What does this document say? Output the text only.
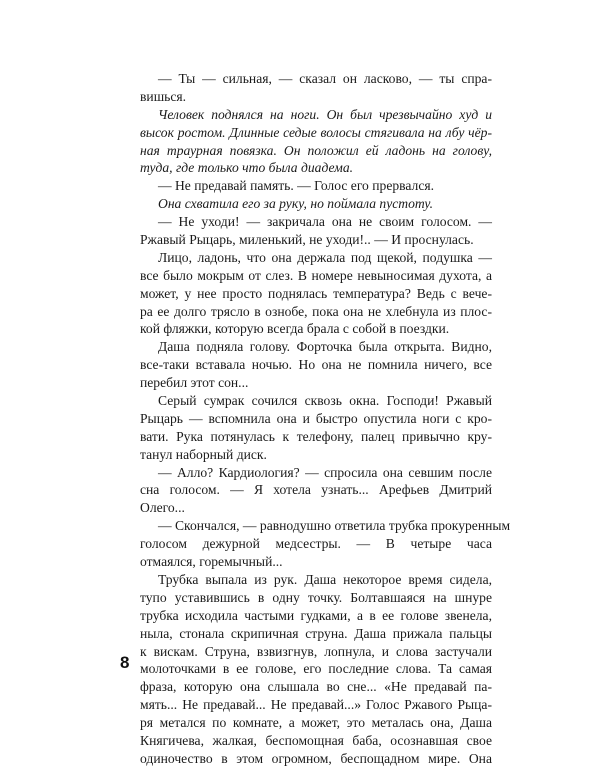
— Ты — сильная, — сказал он ласково, — ты спра-
вишься.
Человек поднялся на ноги. Он был чрезвычайно худ и
высок ростом. Длинные седые волосы стягивала на лбу чёр-
ная траурная повязка. Он положил ей ладонь на голову,
туда, где только что была диадема.
— Не предавай память. — Голос его прервался.
Она схватила его за руку, но поймала пустоту.
— Не уходи! — закричала она не своим голосом. —
Ржавый Рыцарь, миленький, не уходи!.. — И проснулась.
Лицо, ладонь, что она держала под щекой, подушка —
все было мокрым от слез. В номере невыносимая духота, а
может, у нее просто поднялась температура? Ведь с вече-
ра ее долго трясло в ознобе, пока она не хлебнула из плос-
кой фляжки, которую всегда брала с собой в поездки.
Даша подняла голову. Форточка была открыта. Видно,
все-таки вставала ночью. Но она не помнила ничего, все
перебил этот сон...
Серый сумрак сочился сквозь окна. Господи! Ржавый
Рыцарь — вспомнила она и быстро опустила ноги с кро-
вати. Рука потянулась к телефону, палец привычно кру-
танул наборный диск.
— Алло? Кардиология? — спросила она севшим после
сна голосом. — Я хотела узнать... Арефьев Дмитрий
Олего...
— Скончался, — равнодушно ответила трубка прокуренным
голосом дежурной медсестры. — В четыре часа
отмаялся, горемычный...
Трубка выпала из рук. Даша некоторое время сидела,
тупо уставившись в одну точку. Болтавшаяся на шнуре
трубка исходила частыми гудками, а в ее голове звенела,
ныла, стонала скрипичная струна. Даша прижала пальцы
к вискам. Струна, взвизгнув, лопнула, и слова застучали
молоточками в ее голове, его последние слова. Та самая
фраза, которую она слышала во сне... «Не предавай па-
мять... Не предавай... Не предавай...» Голос Ржавого Рыца-
ря метался по комнате, а может, это металась она, Даша
Княгичева, жалкая, беспомощная баба, осознавшая свое
одиночество в этом огромном, беспощадном мире. Она
8
